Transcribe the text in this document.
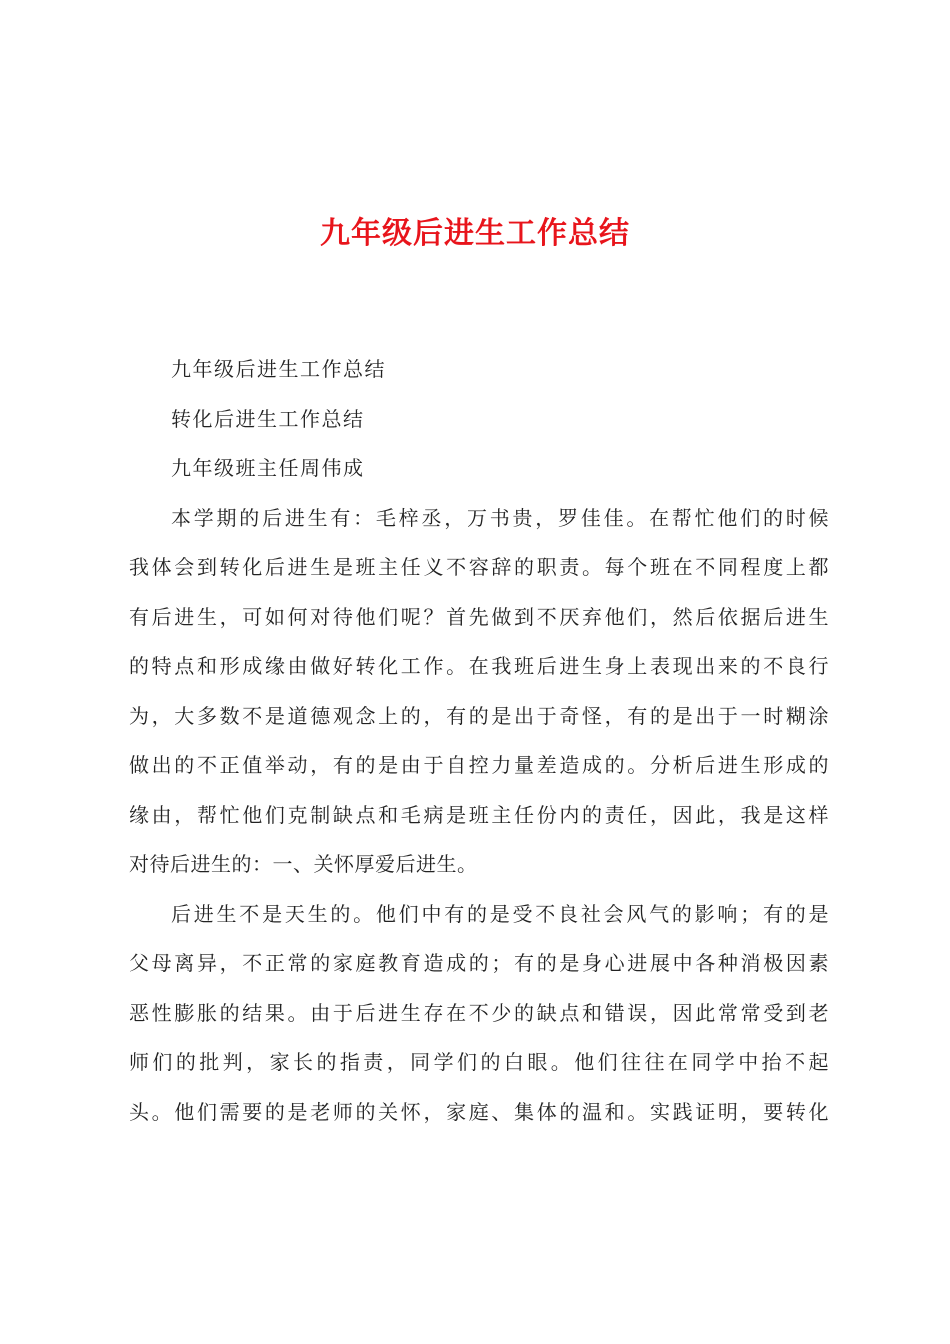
九年级后进生工作总结
九年级后进生工作总结
转化后进生工作总结
九年级班主任周伟成
本学期的后进生有：毛梓丞，万书贵，罗佳佳。在帮忙他们的时候
我体会到转化后进生是班主任义不容辞的职责。每个班在不同程度上都
有后进生，可如何对待他们呢？首先做到不厌弃他们，然后依据后进生
的特点和形成缘由做好转化工作。在我班后进生身上表现出来的不良行
为，大多数不是道德观念上的，有的是出于奇怪，有的是出于一时糊涂
做出的不正值举动，有的是由于自控力量差造成的。分析后进生形成的
缘由，帮忙他们克制缺点和毛病是班主任份内的责任，因此，我是这样
对待后进生的：一、关怀厚爱后进生。
后进生不是天生的。他们中有的是受不良社会风气的影响；有的是
父母离异，不正常的家庭教育造成的；有的是身心进展中各种消极因素
恶性膨胀的结果。由于后进生存在不少的缺点和错误，因此常常受到老
师们的批判，家长的指责，同学们的白眼。他们往往在同学中抬不起
头。他们需要的是老师的关怀，家庭、集体的温和。实践证明，要转化
